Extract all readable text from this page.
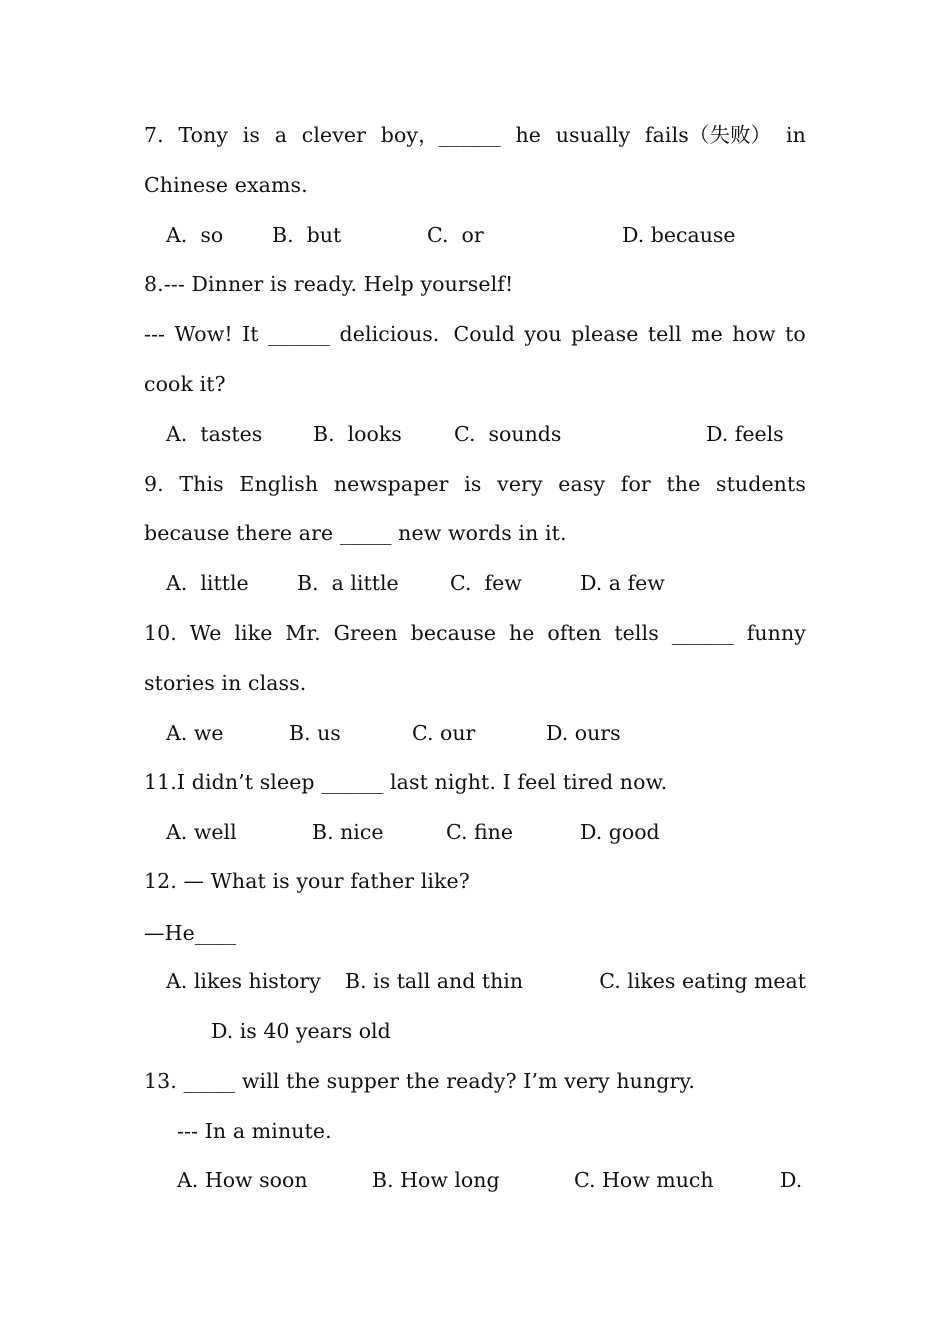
7. Tony is a clever boy，______ he usually fails（失败） in
Chinese exams.
A.  so B.  but	C.  or	D. because
8.--- Dinner is ready. Help yourself!
--- Wow! It ______ delicious．Could you please tell me how to
cook it?
A.  tastes B.  looks	C.  sounds	D. feels
9. This English newspaper is very easy for the students
because there are _____ new words in it.
A.  little B.  a little	C.  few	D. a few
10. We like Mr. Green because he often tells ______ funny
stories in class.
A. we	B. us	C. our	D. ours
11.I didn’t sleep ______ last night. I feel tired now.
A. well	B. nice	C. fine	D. good
12. — What is your father like?
—He____
A. likes history B. is tall and thin	C. likes eating meat
D. is 40 years old
13. _____ will the supper the ready? I’m very hungry.
--- In a minute.
A. How soon	B. How long	C. How much	D.
